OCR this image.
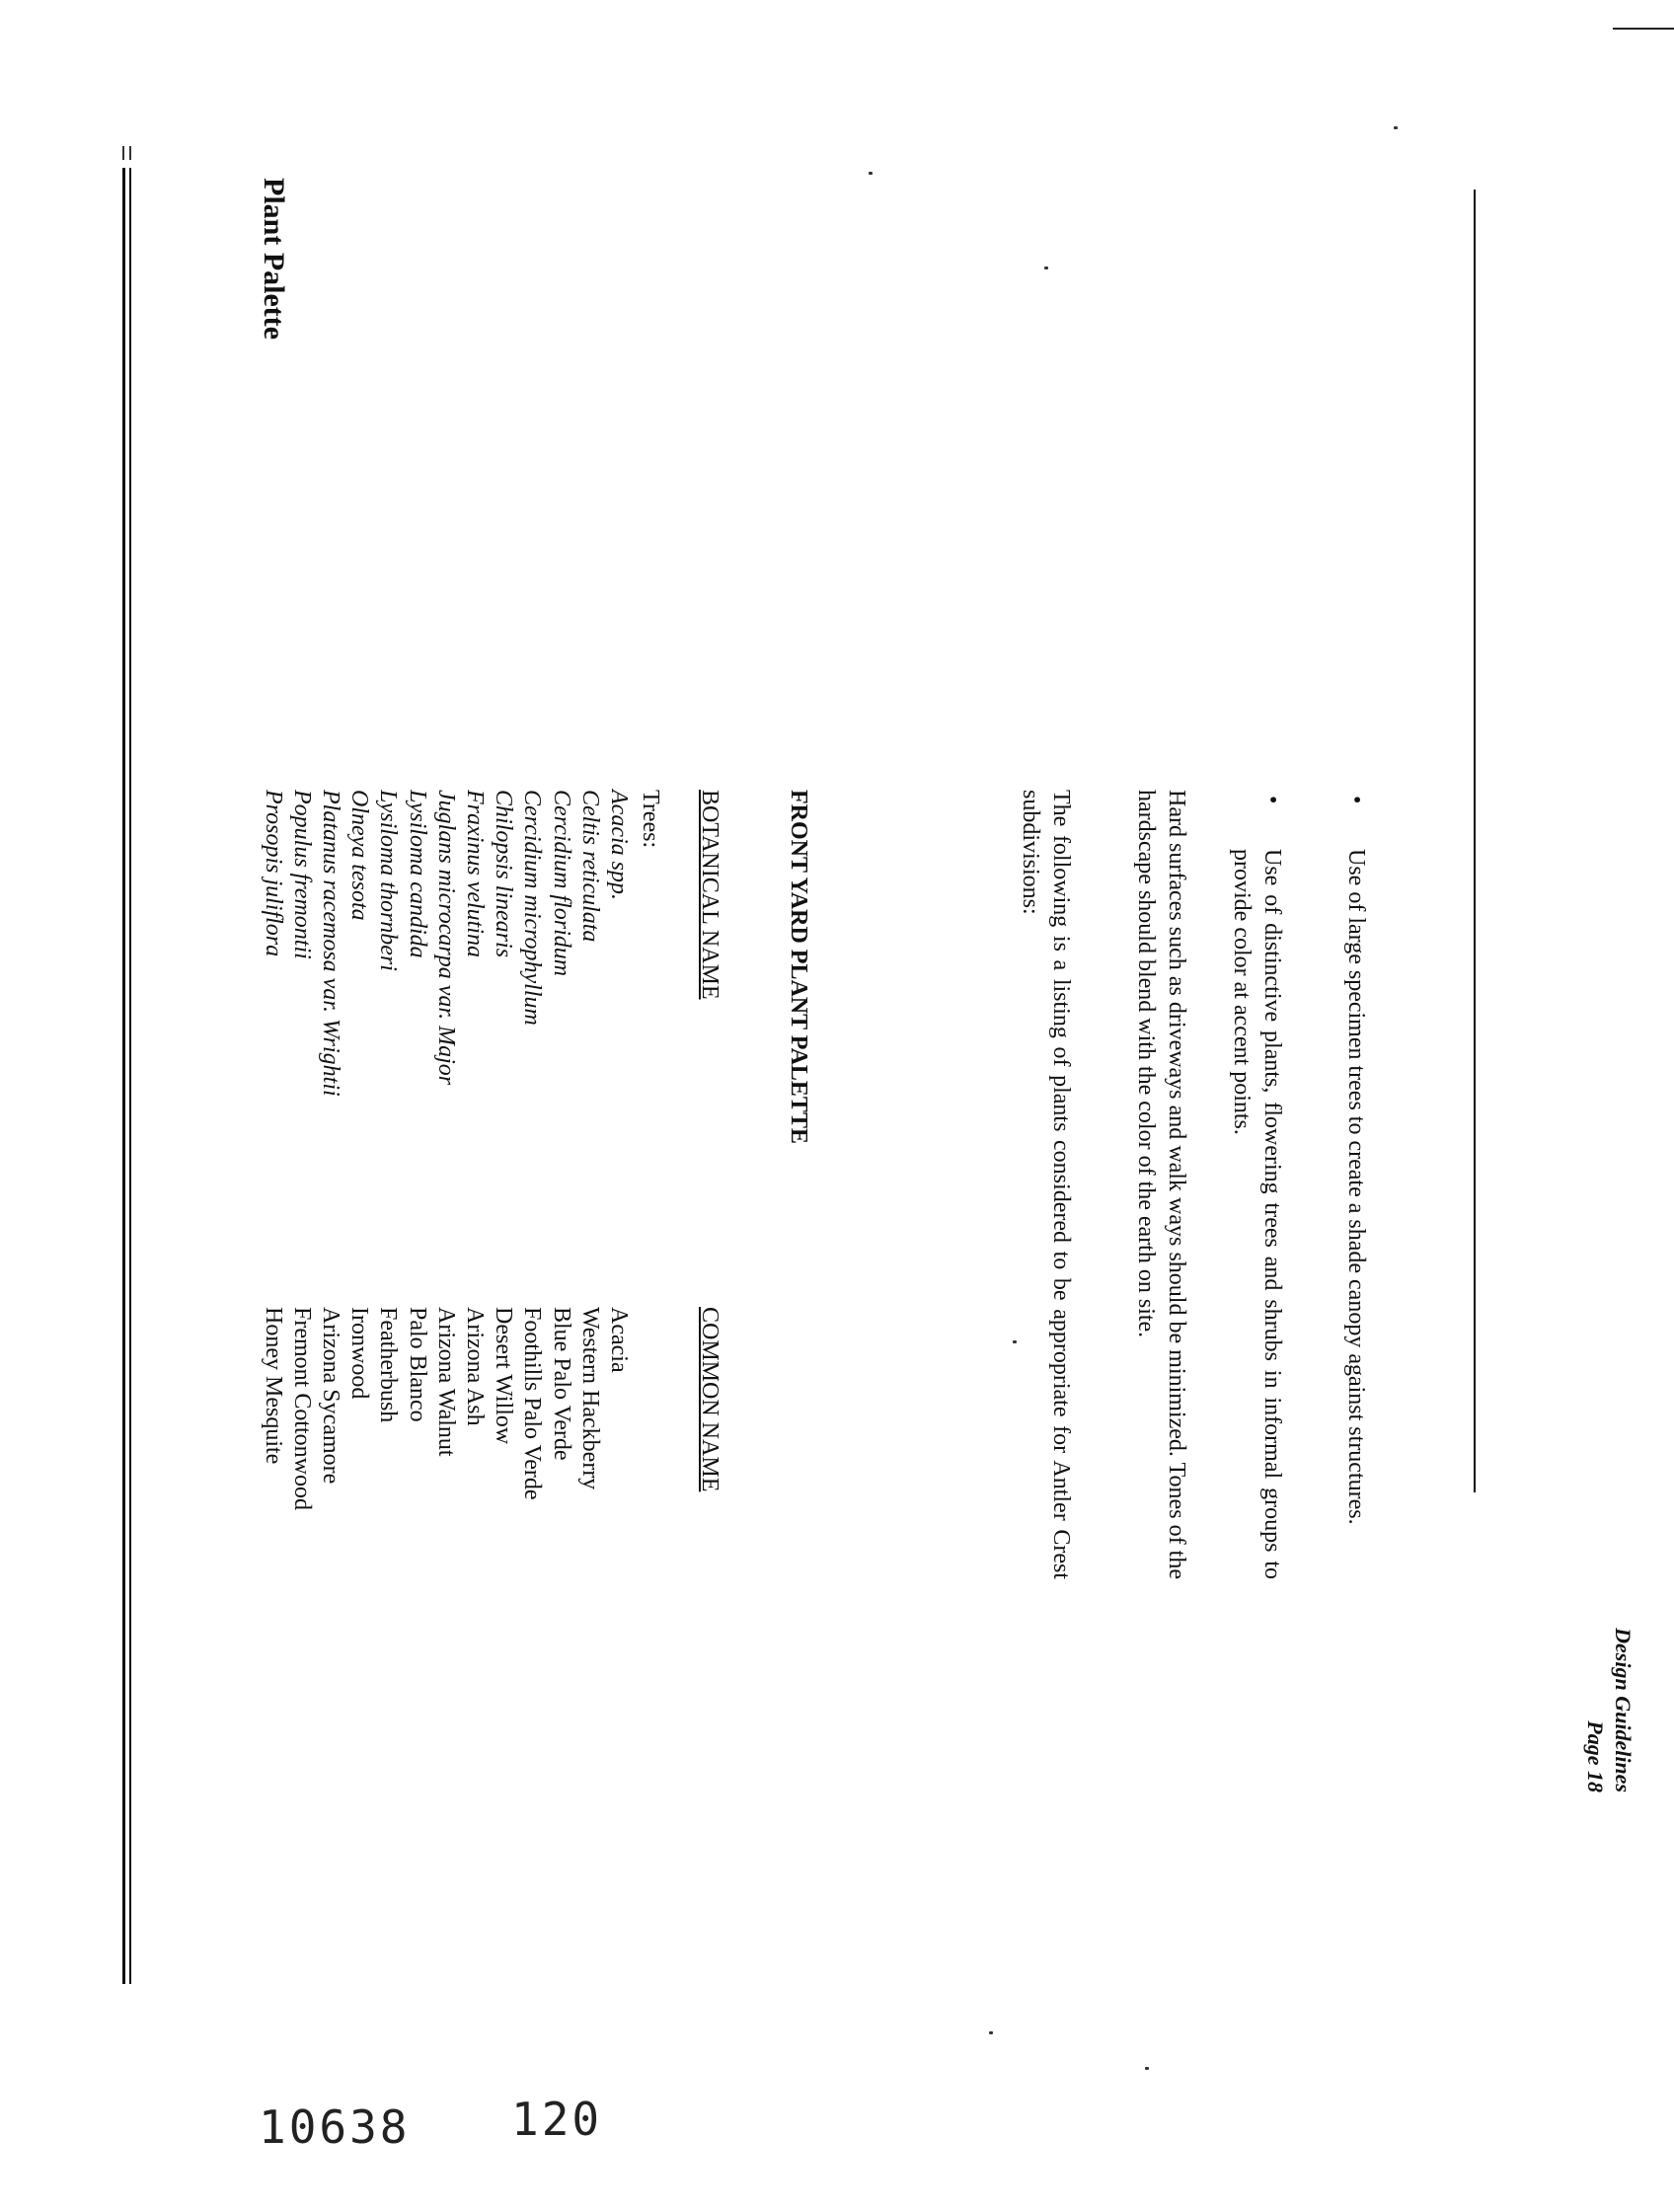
•
Use of large specimen trees to create a shade canopy against structures.
•
Use of distinctive plants, flowering trees and shrubs in informal groups to provide color at accent points.
Hard surfaces such as driveways and walk ways should be minimized. Tones of the hardscape should blend with the color of the earth on site.
The following is a listing of plants considered to be appropriate for Antler Crest subdivisions:
Plant Palette
FRONT YARD PLANT PALETTE
BOTANICAL NAME
COMMON NAME
Trees:
Acacia spp.
Celtis reticulata
Cercidium floridum
Cercidium microphyllum
Chilopsis linearis
Fraxinus velutina
Juglans microcarpa var. Major
Lysiloma candida
Lysiloma thornberi
Olneya tesota
Platanus racemosa var. Wrightii
Populus fremontii
Prosopis juliflora
Acacia
Western Hackberry
Blue Palo Verde
Foothills Palo Verde
Desert Willow
Arizona Ash
Arizona Walnut
Palo Blanco
Featherbush
Ironwood
Arizona Sycamore
Fremont Cottonwood
Honey Mesquite
Design Guidelines
Page 18
10638 120
